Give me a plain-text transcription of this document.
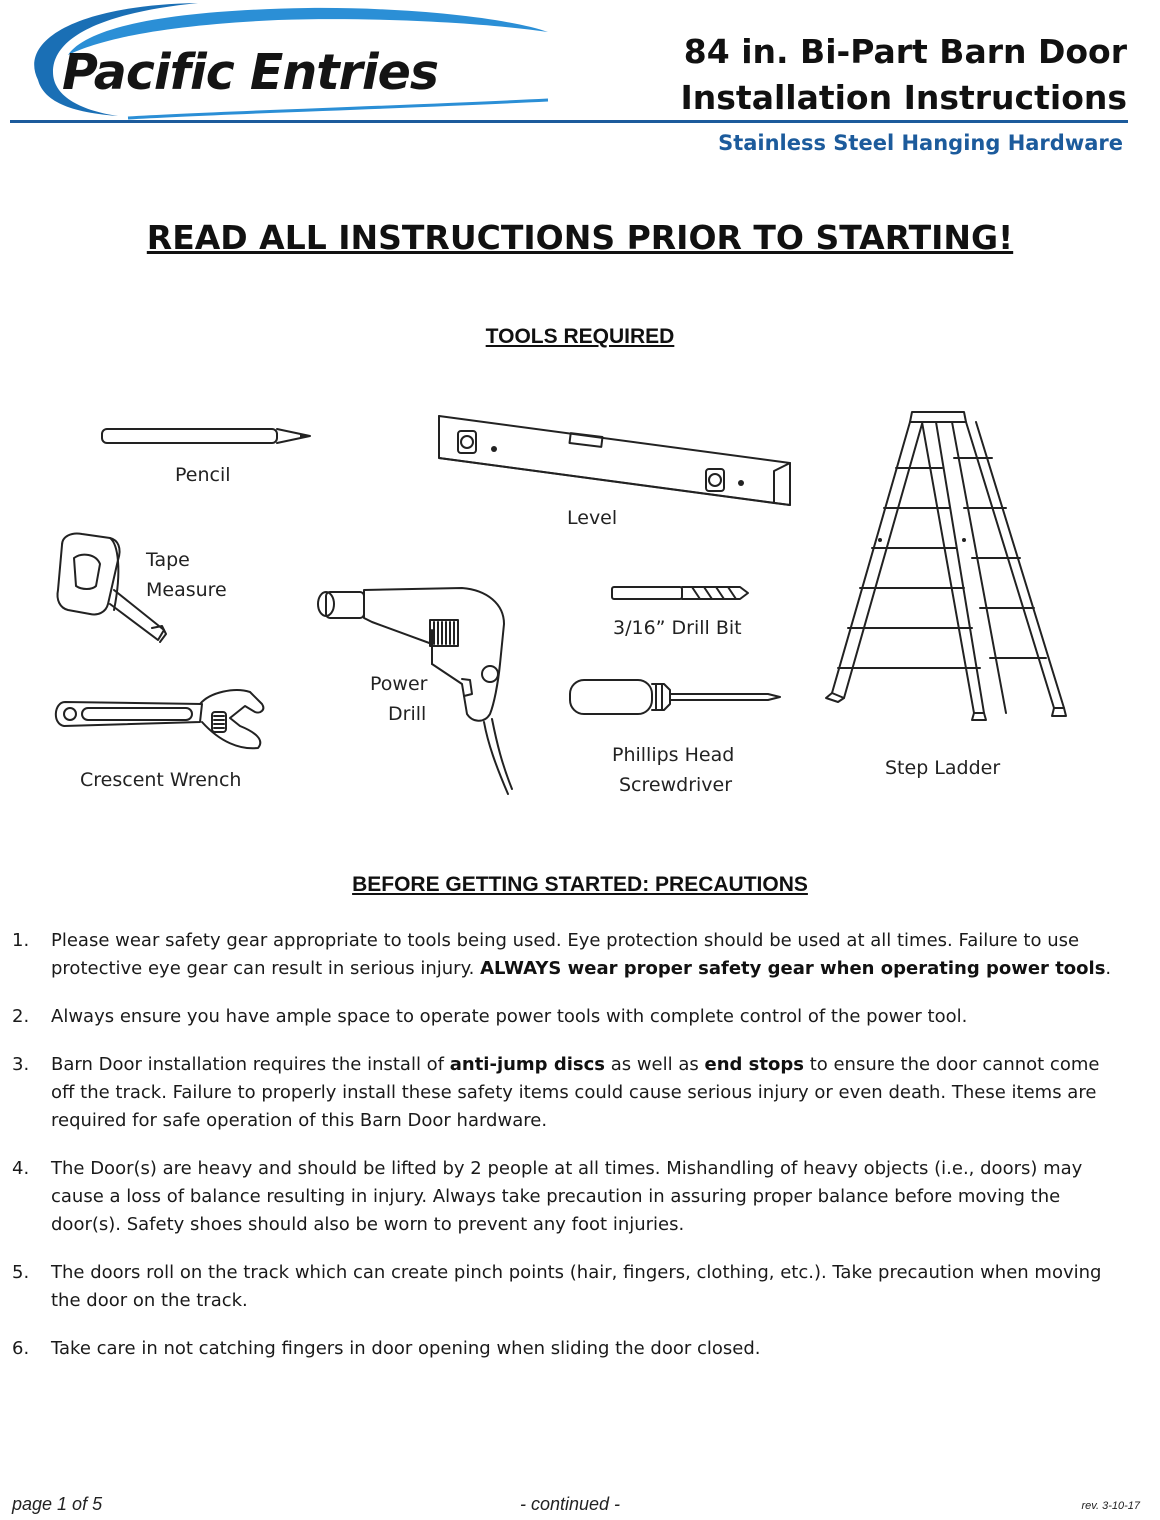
Pacific Entries	84 in. Bi-Part Barn Door
Installation Instructions
Stainless Steel Hanging Hardware
READ ALL INSTRUCTIONS PRIOR TO STARTING!
TOOLS REQUIRED
Pencil
Level
Tape
Measure
Power
Drill
3/16” Drill Bit
Crescent Wrench
Phillips Head
Screwdriver
Step Ladder
BEFORE GETTING STARTED: PRECAUTIONS
1. Please wear safety gear appropriate to tools being used. Eye protection should be used at all times. Failure to use protective eye gear can result in serious injury. ALWAYS wear proper safety gear when operating power tools.
2. Always ensure you have ample space to operate power tools with complete control of the power tool.
3. Barn Door installation requires the install of anti-jump discs as well as end stops to ensure the door cannot come off the track. Failure to properly install these safety items could cause serious injury or even death. These items are required for safe operation of this Barn Door hardware.
4. The Door(s) are heavy and should be lifted by 2 people at all times. Mishandling of heavy objects (i.e., doors) may cause a loss of balance resulting in injury. Always take precaution in assuring proper balance before moving the door(s). Safety shoes should also be worn to prevent any foot injuries.
5. The doors roll on the track which can create pinch points (hair, fingers, clothing, etc.). Take precaution when moving the door on the track.
6. Take care in not catching fingers in door opening when sliding the door closed.
page 1 of 5	- continued -	rev. 3-10-17
